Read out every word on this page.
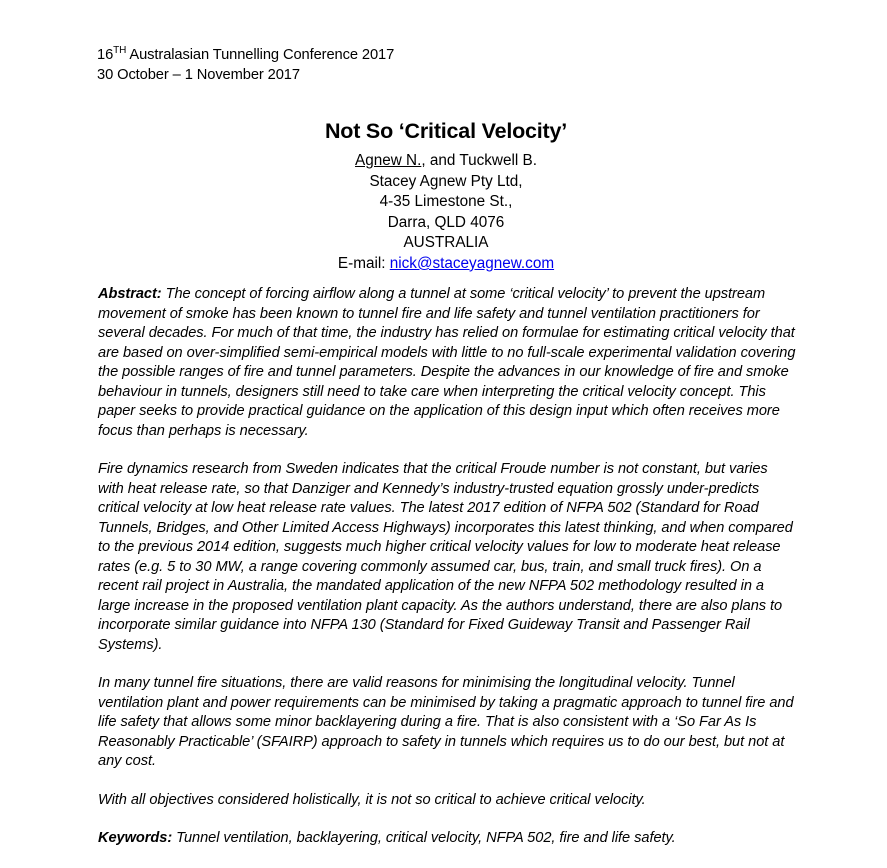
16TH Australasian Tunnelling Conference 2017
30 October – 1 November 2017
Not So ‘Critical Velocity’
Agnew N., and Tuckwell B.
Stacey Agnew Pty Ltd,
4-35 Limestone St.,
Darra, QLD 4076
AUSTRALIA
E-mail: nick@staceyagnew.com

Abstract: The concept of forcing airflow along a tunnel at some ‘critical velocity’ to prevent the upstream movement of smoke has been known to tunnel fire and life safety and tunnel ventilation practitioners for several decades. For much of that time, the industry has relied on formulae for estimating critical velocity that are based on over-simplified semi-empirical models with little to no full-scale experimental validation covering the possible ranges of fire and tunnel parameters. Despite the advances in our knowledge of fire and smoke behaviour in tunnels, designers still need to take care when interpreting the critical velocity concept. This paper seeks to provide practical guidance on the application of this design input which often receives more focus than perhaps is necessary.

Fire dynamics research from Sweden indicates that the critical Froude number is not constant, but varies with heat release rate, so that Danziger and Kennedy’s industry-trusted equation grossly under-predicts critical velocity at low heat release rate values. The latest 2017 edition of NFPA 502 (Standard for Road Tunnels, Bridges, and Other Limited Access Highways) incorporates this latest thinking, and when compared to the previous 2014 edition, suggests much higher critical velocity values for low to moderate heat release rates (e.g. 5 to 30 MW, a range covering commonly assumed car, bus, train, and small truck fires). On a recent rail project in Australia, the mandated application of the new NFPA 502 methodology resulted in a large increase in the proposed ventilation plant capacity. As the authors understand, there are also plans to incorporate similar guidance into NFPA 130 (Standard for Fixed Guideway Transit and Passenger Rail Systems).

In many tunnel fire situations, there are valid reasons for minimising the longitudinal velocity. Tunnel ventilation plant and power requirements can be minimised by taking a pragmatic approach to tunnel fire and life safety that allows some minor backlayering during a fire. That is also consistent with a ‘So Far As Is Reasonably Practicable’ (SFAIRP) approach to safety in tunnels which requires us to do our best, but not at any cost.

With all objectives considered holistically, it is not so critical to achieve critical velocity.

Keywords: Tunnel ventilation, backlayering, critical velocity, NFPA 502, fire and life safety.
